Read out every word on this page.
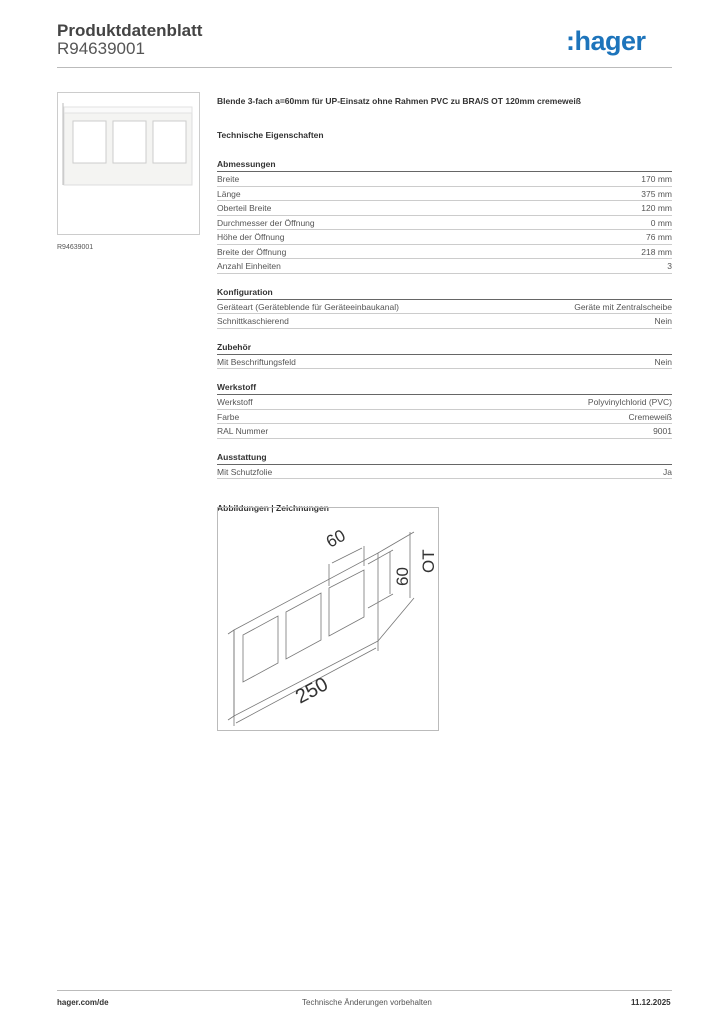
Produktdatenblatt
R94639001	:hager
R94639001
Blende 3-fach a=60mm für UP-Einsatz ohne Rahmen PVC zu BRA/S OT 120mm cremeweiß
Technische Eigenschaften
Abmessungen
Breite	170 mm
Länge	375 mm
Oberteil Breite	120 mm
Durchmesser der Öffnung	0 mm
Höhe der Öffnung	76 mm
Breite der Öffnung	218 mm
Anzahl Einheiten	3
Konfiguration
Geräteart (Geräteblende für Geräteeinbaukanal)	Geräte mit Zentralscheibe
Schnittkaschierend	Nein
Zubehör
Mit Beschriftungsfeld	Nein
Werkstoff
Werkstoff	Polyvinylchlorid (PVC)
Farbe	Cremeweiß
RAL Nummer	9001
Ausstattung
Mit Schutzfolie	Ja
Abbildungen | Zeichnungen
60
60
OT
250
hager.com/de	Technische Änderungen vorbehalten	11.12.2025
